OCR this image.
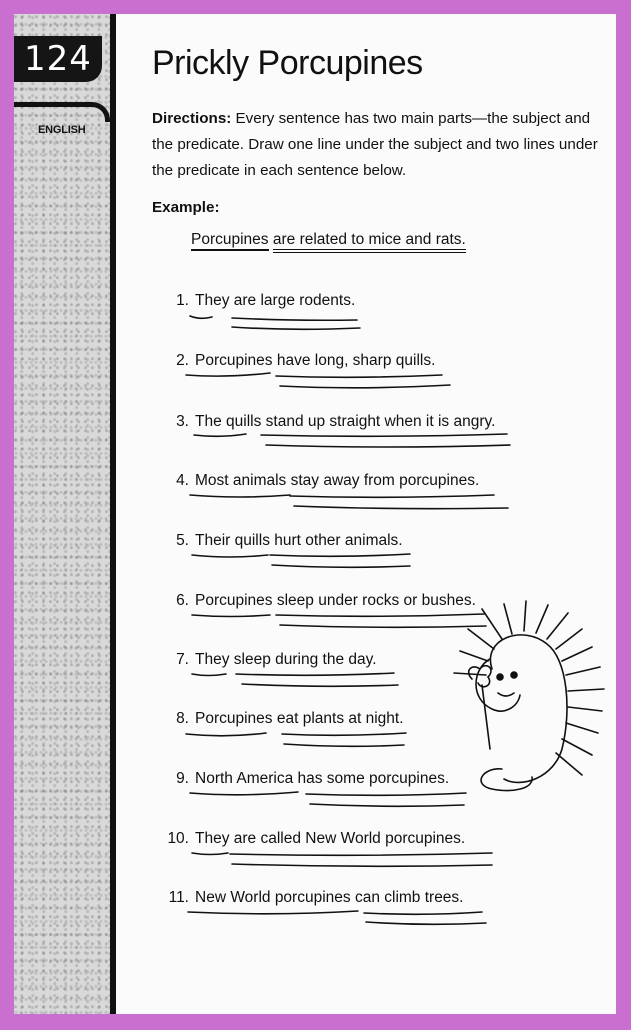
124
ENGLISH
Prickly Porcupines
Directions: Every sentence has two main parts—the subject and the predicate. Draw one line under the subject and two lines under the predicate in each sentence below.
Example:
Porcupines are related to mice and rats.
1. They are large rodents.
2. Porcupines have long, sharp quills.
3. The quills stand up straight when it is angry.
4. Most animals stay away from porcupines.
5. Their quills hurt other animals.
6. Porcupines sleep under rocks or bushes.
7. They sleep during the day.
8. Porcupines eat plants at night.
9. North America has some porcupines.
10. They are called New World porcupines.
11. New World porcupines can climb trees.
